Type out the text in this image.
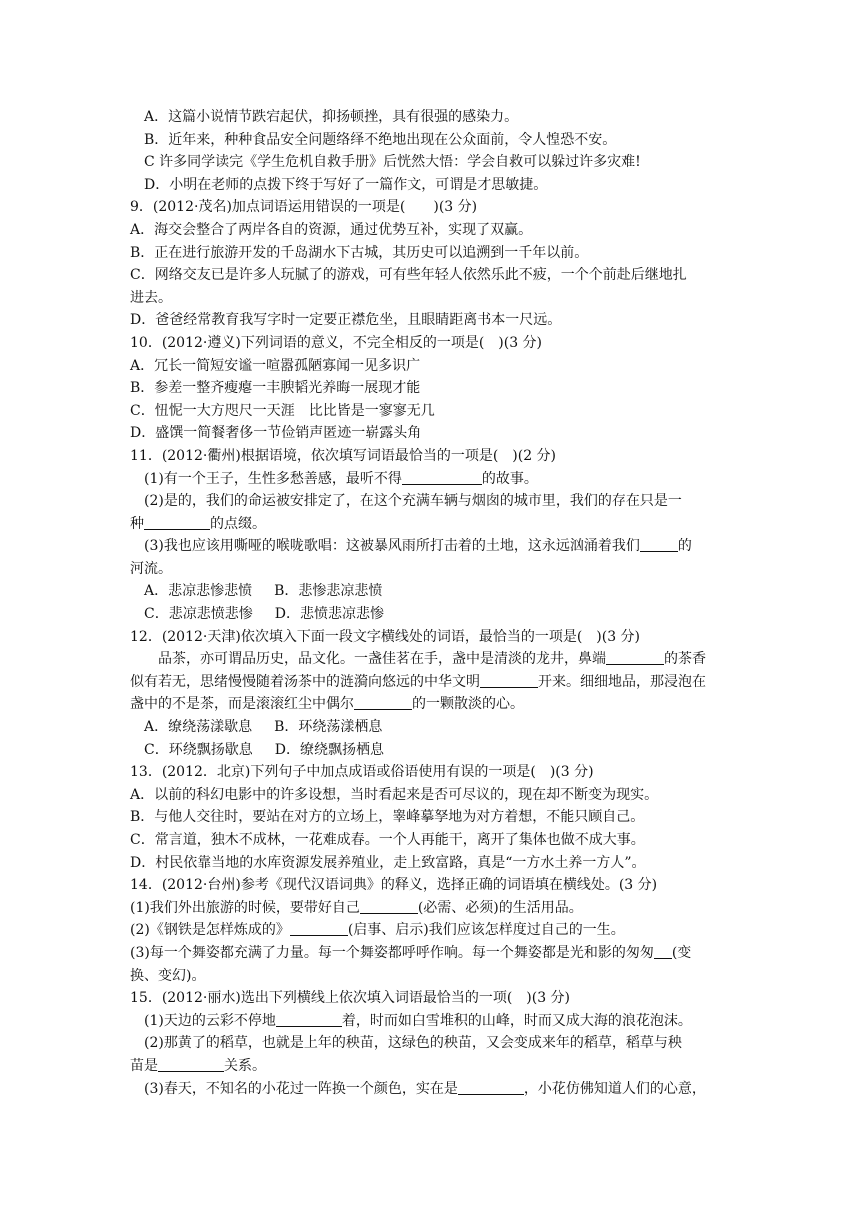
A．这篇小说情节跌宕起伏，抑扬顿挫，具有很强的感染力。
B．近年来，种种食品安全问题络绎不绝地出现在公众面前，令人惶恐不安。
C 许多同学读完《学生危机自救手册》后恍然大悟：学会自救可以躲过许多灾难!
D．小明在老师的点拨下终于写好了一篇作文，可谓是才思敏捷。
9．(2012·茂名)加点词语运用错误的一项是(　　)(3 分)
A．海交会整合了两岸各自的资源，通过优势互补，实现了双赢。
B．正在进行旅游开发的千岛湖水下古城，其历史可以追溯到一千年以前。
C．网络交友已是许多人玩腻了的游戏，可有些年轻人依然乐此不疲，一个个前赴后继地扎
进去。
D．爸爸经常教育我写字时一定要正襟危坐，且眼睛距离书本一尺远。
10．(2012·遵义)下列词语的意义，不完全相反的一项是(　)(3 分)
A．冗长一简短安谧一喧嚣孤陋寡闻一见多识广
B．参差一整齐瘦瘪一丰腴韬光养晦一展现才能
C．忸怩一大方咫尺一天涯　比比皆是一寥寥无几
D．盛馔一简餐奢侈一节俭销声匿迹一崭露头角
11．(2012·衢州)根据语境，依次填写词语最恰当的一项是(　)(2 分)
(1)有一个王子，生性多愁善感，最听不得	的故事。
(2)是的，我们的命运被安排定了，在这个充满车辆与烟囱的城市里，我们的存在只是一
种	的点缀。
(3)我也应该用嘶哑的喉咙歌唱：这被暴风雨所打击着的土地，这永远汹涌着我们	的
河流。
A．悲凉悲惨悲愤 B．悲惨悲凉悲愤
C．悲凉悲愤悲惨 D．悲愤悲凉悲惨
12．(2012·天津)依次填入下面一段文字横线处的词语，最恰当的一项是(　)(3 分)
品茶，亦可谓品历史，品文化。一盏佳茗在手，盏中是清淡的龙井，鼻端	的茶香
似有若无，思绪慢慢随着汤茶中的涟漪向悠远的中华文明	开来。细细地品，那浸泡在
盏中的不是茶，而是滚滚红尘中偶尔	的一颗散淡的心。
A．缭绕荡漾歇息 B．环绕荡漾栖息
C．环绕飘扬歇息 D．缭绕飘扬栖息
13．(2012．北京)下列句子中加点成语或俗语使用有误的一项是(　)(3 分)
A．以前的科幻电影中的许多设想，当时看起来是否可尽议的，现在却不断变为现实。
B．与他人交往时，要站在对方的立场上，睾峰摹孥地为对方着想，不能只顾自己。
C．常言道，独木不成林，一花难成春。一个人再能干，离开了集体也做不成大事。
D．村民依靠当地的水库资源发展养殖业，走上致富路，真是“一方水土养一方人”。
14．(2012·台州)参考《现代汉语词典》的释义，选择正确的词语填在横线处。(3 分)
(1)我们外出旅游的时候，要带好自己	(必需、必须)的生活用品。
(2)《钢铁是怎样炼成的》	(启事、启示)我们应该怎样度过自己的一生。
(3)每一个舞姿都充满了力量。每一个舞姿都呼呼作响。每一个舞姿都是光和影的匆匆 (变
换、变幻)。
15．(2012·丽水)选出下列横线上依次填入词语最恰当的一项(　)(3 分)
(1)天边的云彩不停地	着，时而如白雪堆积的山峰，时而又成大海的浪花泡沫。
(2)那黄了的稻草，也就是上年的秧苗，这绿色的秧苗，又会变成来年的稻草，稻草与秧
苗是	关系。
(3)春天，不知名的小花过一阵换一个颜色，实在是	，小花仿佛知道人们的心意，
